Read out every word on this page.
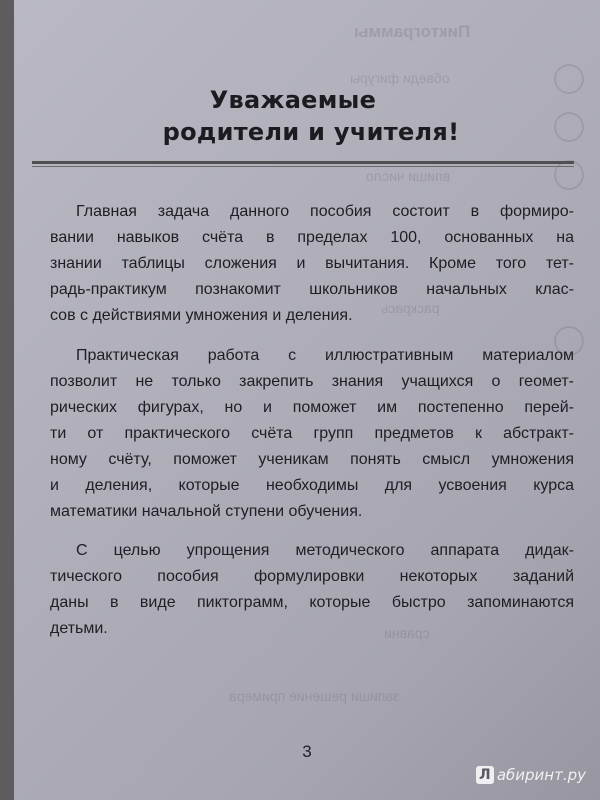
Пиктограммы
обведи фигуры
впиши число
раскрась
сравни
запиши решение примера
Уважаемые
родители и учителя!
Главная задача данного пособия состоит в формиро-
вании навыков счёта в пределах 100, основанных на
знании таблицы сложения и вычитания. Кроме того тет-
радь-практикум познакомит школьников начальных клас-
сов с действиями умножения и деления.
Практическая работа с иллюстративным материалом
позволит не только закрепить знания учащихся о геомет-
рических фигурах, но и поможет им постепенно перей-
ти от практического счёта групп предметов к абстракт-
ному счёту, поможет ученикам понять смысл умножения
и деления, которые необходимы для усвоения курса
математики начальной ступени обучения.
С целью упрощения методического аппарата дидак-
тического пособия формулировки некоторых заданий
даны в виде пиктограмм, которые быстро запоминаются
детьми.
3
Л абиринт.ру
